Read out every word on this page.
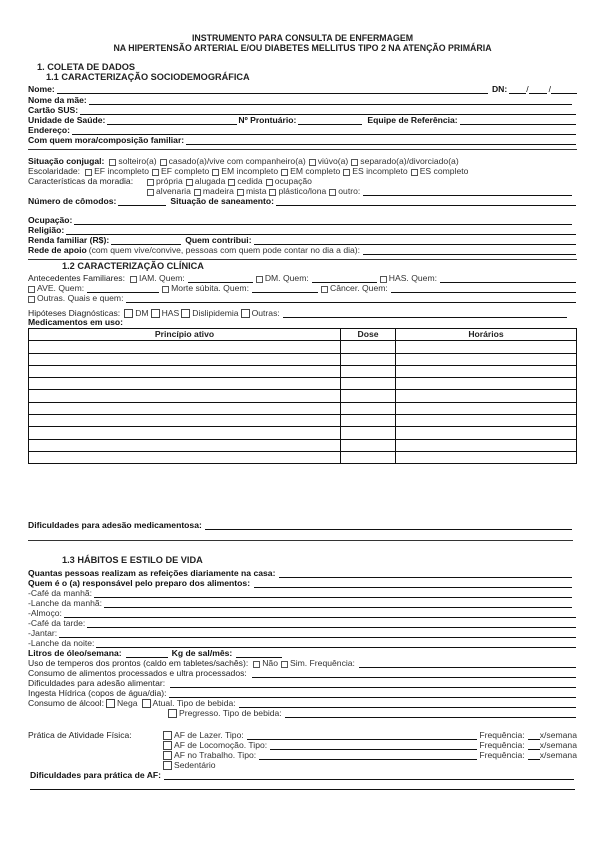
INSTRUMENTO PARA CONSULTA DE ENFERMAGEM
NA HIPERTENSÃO ARTERIAL E/OU DIABETES MELLITUS TIPO 2 NA ATENÇÃO PRIMÁRIA
1. COLETA DE DADOS
1.1 CARACTERIZAÇÃO SOCIODEMOGRÁFICA
Nome:	DN: / /
Nome da mãe:
Cartão SUS:
Unidade de Saúde:	Nº Prontuário:	Equipe de Referência:
Endereço:
Com quem mora/composição familiar:
Situação conjugal: solteiro(a) casado(a)/vive com companheiro(a) viúvo(a) separado(a)/divorciado(a)
Escolaridade: EF incompleto EF completo EM incompleto EM completo ES incompleto ES completo
Características da moradia:	própria alugada cedida ocupação
alvenaria madeira mista plástico/lona outro:
Número de cômodos:	Situação de saneamento:
Ocupação:
Religião:
Renda familiar (R$):	Quem contribui:
Rede de apoio (com quem vive/convive, pessoas com quem pode contar no dia a dia):
1.2 CARACTERIZAÇÃO CLÍNICA
Antecedentes Familiares: IAM. Quem:	DM. Quem:	HAS. Quem:
AVE. Quem:	Morte súbita. Quem:	Câncer. Quem:
Outras. Quais e quem:
Hipóteses Diagnósticas: DM HAS Dislipidemia Outras:
Medicamentos em uso:
Princípio ativo	Dose	Horários

Dificuldades para adesão medicamentosa:
1.3 HÁBITOS E ESTILO DE VIDA
Quantas pessoas realizam as refeições diariamente na casa:
Quem é o (a) responsável pelo preparo dos alimentos:
-Café da manhã:
-Lanche da manhã:
-Almoço:
-Café da tarde:
-Jantar:
-Lanche da noite:
Litros de óleo/semana:	Kg de sal/mês:
Uso de temperos dos prontos (caldo em tabletes/sachês): Não Sim. Frequência:
Consumo de alimentos processados e ultra processados:
Dificuldades para adesão alimentar:
Ingesta Hídrica (copos de água/dia):
Consumo de álcool: Nega Atual. Tipo de bebida:
Pregresso. Tipo de bebida:
Prática de Atividade Física:	AF de Lazer. Tipo:	Frequência:	x/semana
AF de Locomoção. Tipo:	Frequência:	x/semana
AF no Trabalho. Tipo:	Frequência:	x/semana
Sedentário
Dificuldades para prática de AF:
